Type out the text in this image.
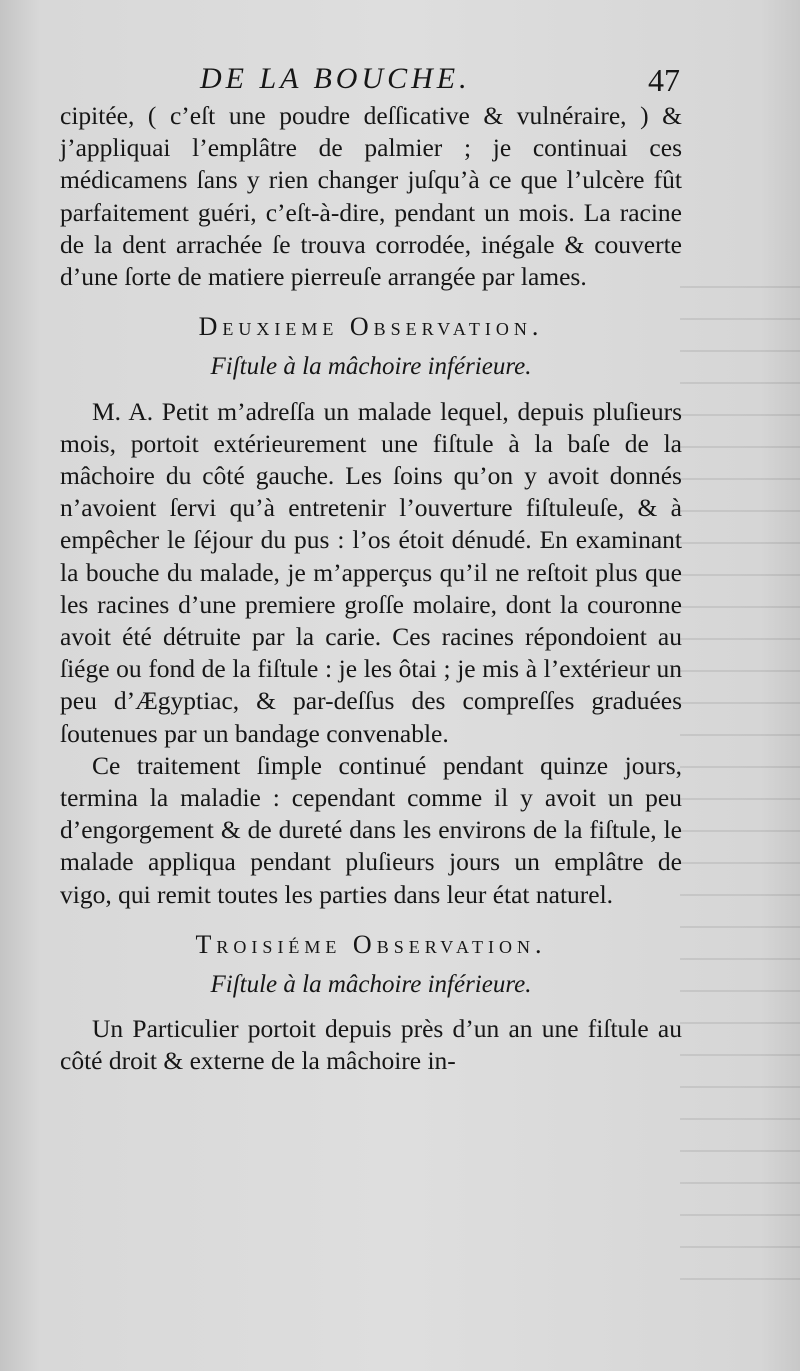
DE LA BOUCHE.	47

cipitée, ( c’eſt une poudre deſſicative & vulnéraire, ) & j’appliquai l’emplâtre de palmier ; je continuai ces médicamens ſans y rien changer juſqu’à ce que l’ulcère fût parfaitement guéri, c’eſt-à-dire, pendant un mois. La racine de la dent arrachée ſe trouva corrodée, inégale & couverte d’une ſorte de matiere pierreuſe arrangée par lames.

Deuxieme Observation.
Fiſtule à la mâchoire inférieure.

M. A. Petit m’adreſſa un malade lequel, depuis pluſieurs mois, portoit extérieurement une fiſtule à la baſe de la mâchoire du côté gauche. Les ſoins qu’on y avoit donnés n’avoient ſervi qu’à entretenir l’ouverture fiſtuleuſe, & à empêcher le ſéjour du pus : l’os étoit dénudé. En examinant la bouche du malade, je m’apperçus qu’il ne reſtoit plus que les racines d’une premiere groſſe molaire, dont la couronne avoit été détruite par la carie. Ces racines répondoient au ſiége ou fond de la fiſtule : je les ôtai ; je mis à l’extérieur un peu d’Ægyptiac, & par-deſſus des compreſſes graduées ſoutenues par un bandage convenable.

Ce traitement ſimple continué pendant quinze jours, termina la maladie : cependant comme il y avoit un peu d’engorgement & de dureté dans les environs de la fiſtule, le malade appliqua pendant pluſieurs jours un emplâtre de vigo, qui remit toutes les parties dans leur état naturel.

Troisiéme Observation.
Fiſtule à la mâchoire inférieure.

Un Particulier portoit depuis près d’un an une fiſtule au côté droit & externe de la mâchoire in-
